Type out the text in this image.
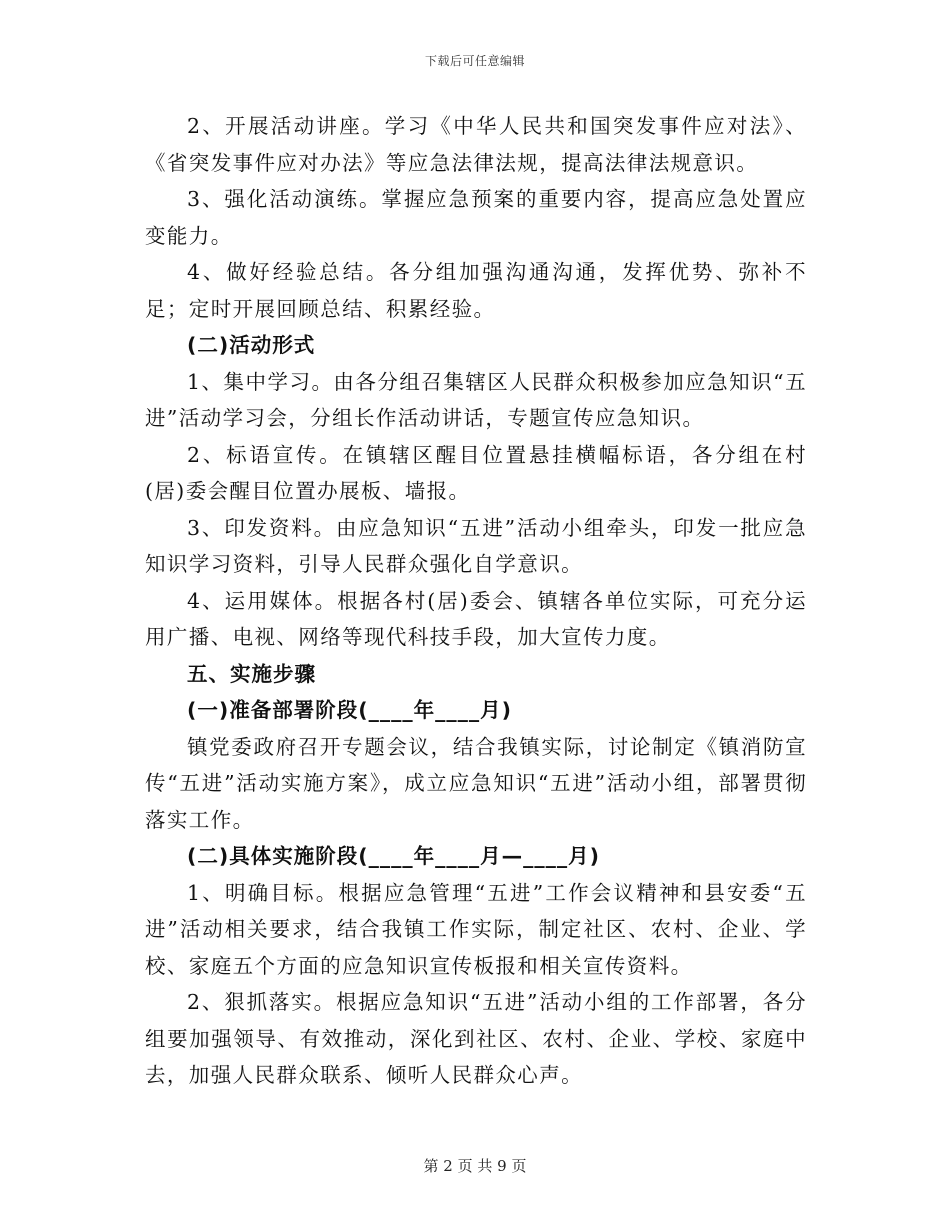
下载后可任意编辑

2、开展活动讲座。学习《中华人民共和国突发事件应对法》、《省突发事件应对办法》等应急法律法规，提高法律法规意识。

3、强化活动演练。掌握应急预案的重要内容，提高应急处置应变能力。

4、做好经验总结。各分组加强沟通沟通，发挥优势、弥补不足；定时开展回顾总结、积累经验。

(二)活动形式

1、集中学习。由各分组召集辖区人民群众积极参加应急知识“五进”活动学习会，分组长作活动讲话，专题宣传应急知识。

2、标语宣传。在镇辖区醒目位置悬挂横幅标语，各分组在村(居)委会醒目位置办展板、墙报。

3、印发资料。由应急知识“五进”活动小组牵头，印发一批应急知识学习资料，引导人民群众强化自学意识。

4、运用媒体。根据各村(居)委会、镇辖各单位实际，可充分运用广播、电视、网络等现代科技手段，加大宣传力度。

五、实施步骤

(一)准备部署阶段(____年____月)

镇党委政府召开专题会议，结合我镇实际，讨论制定《镇消防宣传“五进”活动实施方案》，成立应急知识“五进”活动小组，部署贯彻落实工作。

(二)具体实施阶段(____年____月—____月)

1、明确目标。根据应急管理“五进”工作会议精神和县安委“五进”活动相关要求，结合我镇工作实际，制定社区、农村、企业、学校、家庭五个方面的应急知识宣传板报和相关宣传资料。

2、狠抓落实。根据应急知识“五进”活动小组的工作部署，各分组要加强领导、有效推动，深化到社区、农村、企业、学校、家庭中去，加强人民群众联系、倾听人民群众心声。

第 2 页 共 9 页
